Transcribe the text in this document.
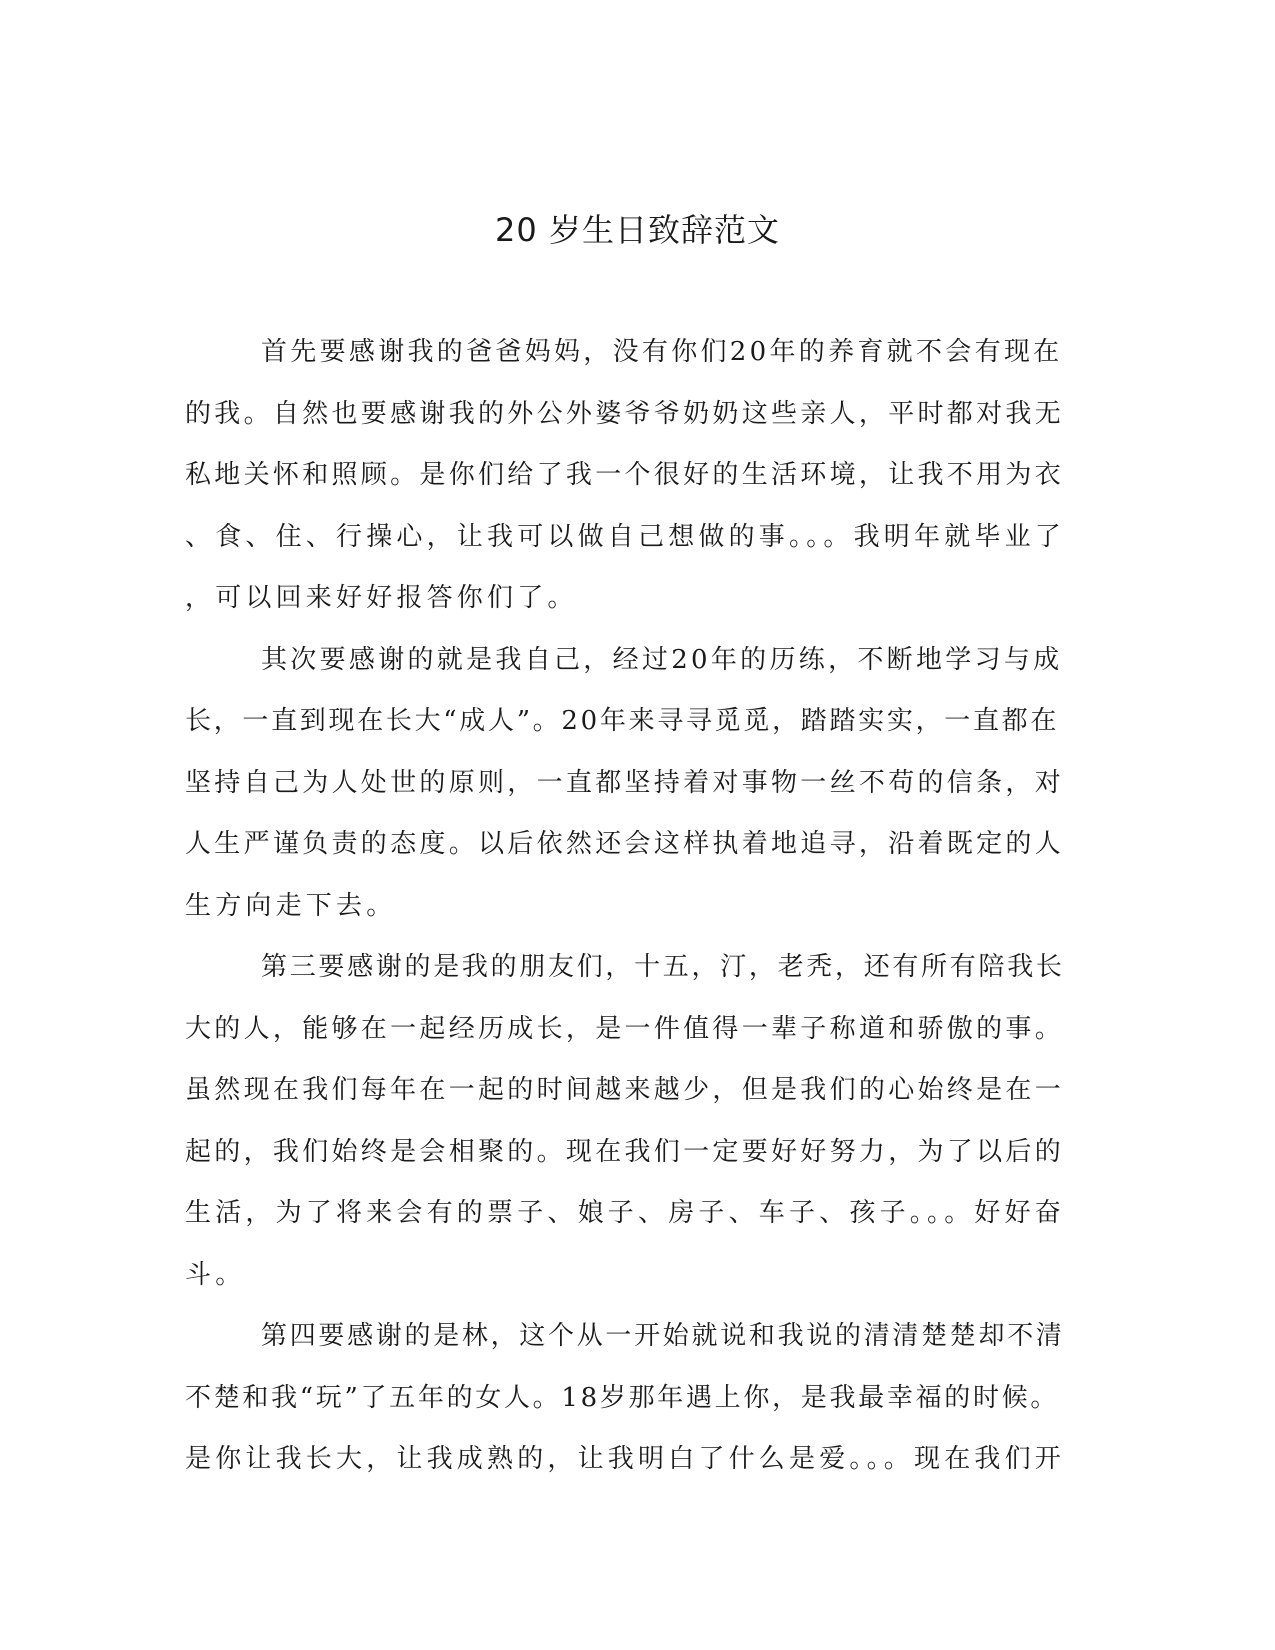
20 岁生日致辞范文
首先要感谢我的爸爸妈妈，没有你们20年的养育就不会有现在
的我。自然也要感谢我的外公外婆爷爷奶奶这些亲人，平时都对我无
私地关怀和照顾。是你们给了我一个很好的生活环境，让我不用为衣
、食、住、行操心，让我可以做自己想做的事。。。我明年就毕业了
，可以回来好好报答你们了。
其次要感谢的就是我自己，经过20年的历练，不断地学习与成
长，一直到现在长大“成人”。20年来寻寻觅觅，踏踏实实，一直都在
坚持自己为人处世的原则，一直都坚持着对事物一丝不苟的信条，对
人生严谨负责的态度。以后依然还会这样执着地追寻，沿着既定的人
生方向走下去。
第三要感谢的是我的朋友们，十五，汀，老秃，还有所有陪我长
大的人，能够在一起经历成长，是一件值得一辈子称道和骄傲的事。
虽然现在我们每年在一起的时间越来越少，但是我们的心始终是在一
起的，我们始终是会相聚的。现在我们一定要好好努力，为了以后的
生活，为了将来会有的票子、娘子、房子、车子、孩子。。。好好奋
斗。
第四要感谢的是林，这个从一开始就说和我说的清清楚楚却不清
不楚和我“玩”了五年的女人。18岁那年遇上你，是我最幸福的时候。
是你让我长大，让我成熟的，让我明白了什么是爱。。。现在我们开
